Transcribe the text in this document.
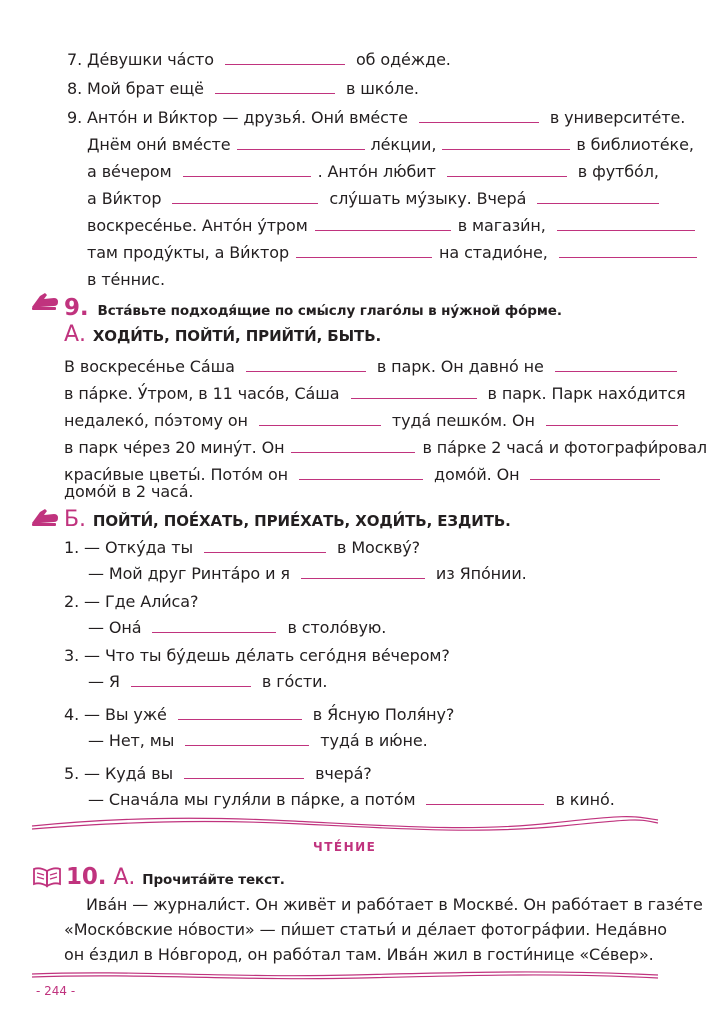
7. Де́вушки ча́сто	об оде́жде.
8. Мой брат ещё	в шко́ле.
9. Анто́н и Ви́ктор — друзья́. Они́ вме́сте	в университе́те.
Днём они́ вме́сте	ле́кции,	в библиоте́ке,
а ве́чером	. Анто́н лю́бит	в футбо́л,
а Ви́ктор	слу́шать му́зыку. Вчера́
воскресе́нье. Анто́н у́тром	в магази́н,
там проду́кты, а Ви́ктор	на стадио́не,
в те́ннис.
9. Вста́вьте подходя́щие по смы́слу глаго́лы в ну́жной фо́рме.
А. ХОДИ́ТЬ, ПОЙТИ́, ПРИЙТИ́, БЫТЬ.
В воскресе́нье Са́ша	в парк. Он давно́ не
в па́рке. У́тром, в 11 часо́в, Са́ша	в парк. Парк нахо́дится
недалеко́, по́этому он	туда́ пешко́м. Он
в парк че́рез 20 мину́т. Он	в па́рке 2 часа́ и фотографи́ровал
краси́вые цветы́. Пото́м он	домо́й. Он
домо́й в 2 часа́.
Б. ПОЙТИ́, ПОЕ́ХАТЬ, ПРИЕ́ХАТЬ, ХОДИ́ТЬ, ЕЗДИТЬ.
1. — Отку́да ты	в Москву́?
— Мой друг Ринта́ро и я	из Япо́нии.
2. — Где Али́са?
— Она́	в столо́вую.
3. — Что ты бу́дешь де́лать сего́дня ве́чером?
— Я	в го́сти.
4. — Вы уже́	в Я́сную Поля́ну?
— Нет, мы	туда́ в ию́не.
5. — Куда́ вы	вчера́?
— Снача́ла мы гуля́ли в па́рке, а пото́м	в кино́.
ЧТЕ́НИЕ
10. А. Прочита́йте текст.
Ива́н — журнали́ст. Он живёт и рабо́тает в Москве́. Он рабо́тает в газе́те
«Моско́вские но́вости» — пи́шет статьи́ и де́лает фотогра́фии. Неда́вно
он е́здил в Но́вгород, он рабо́тал там. Ива́н жил в гости́нице «Се́вер».
- 244 -
